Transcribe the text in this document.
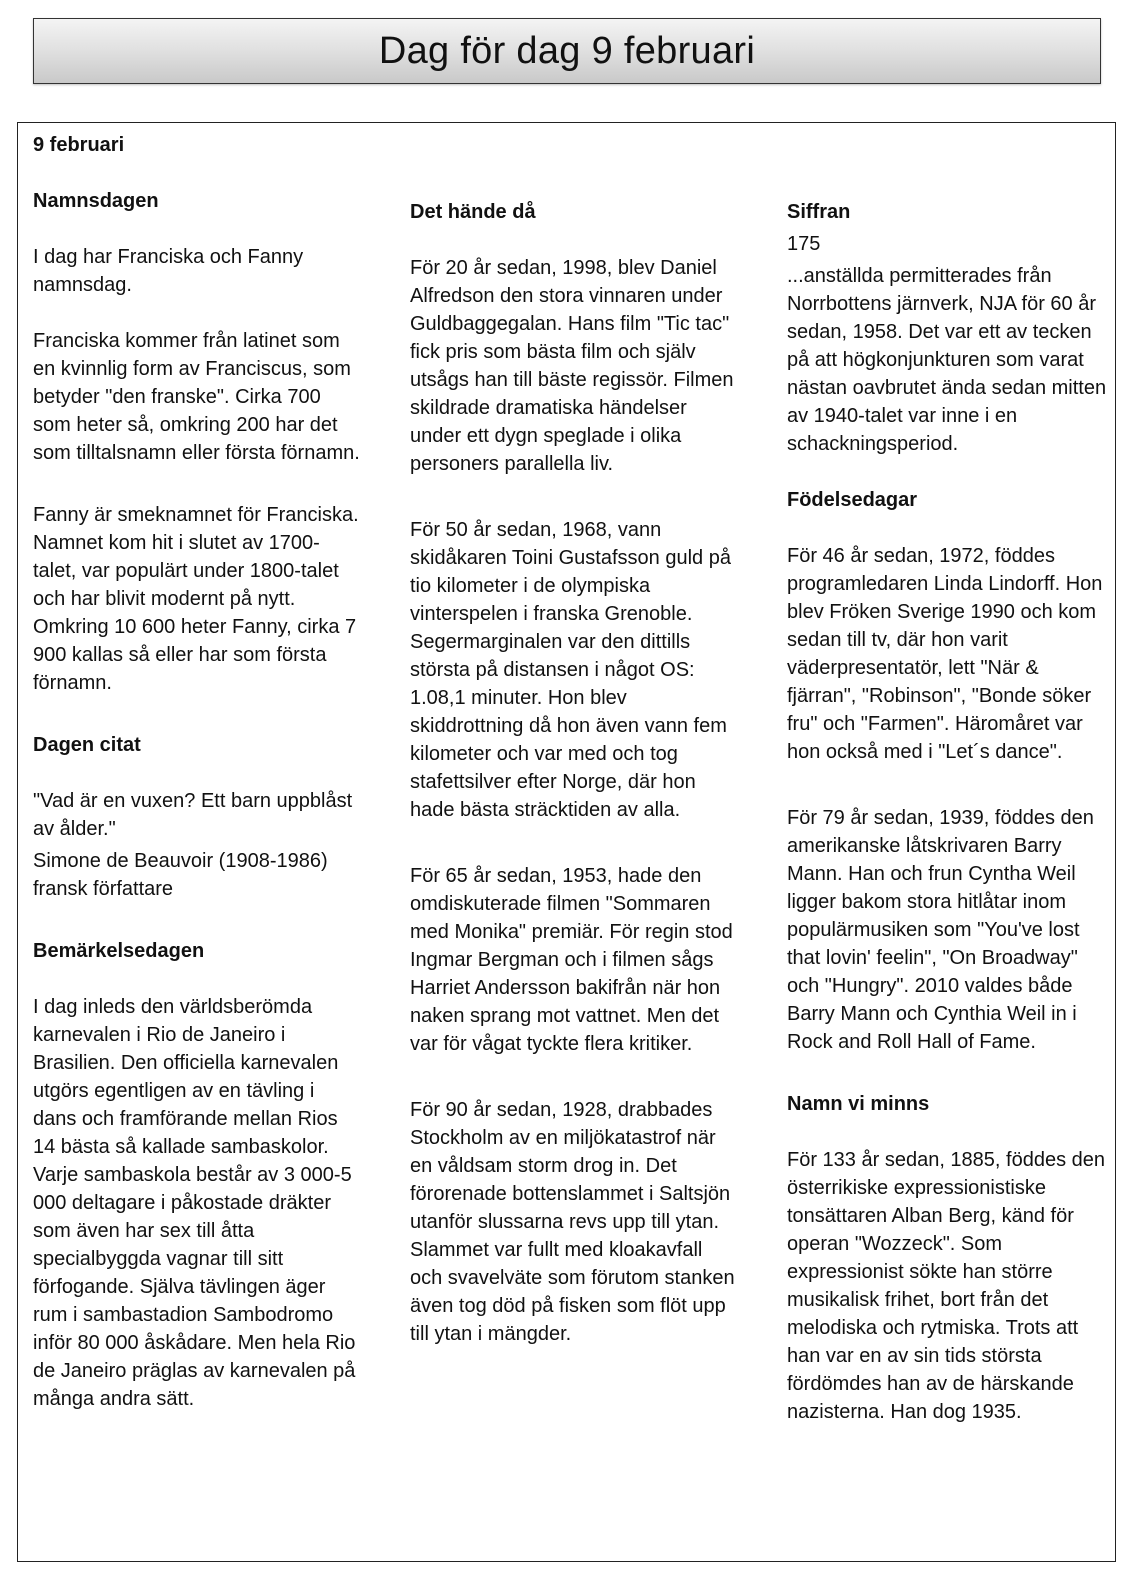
Dag för dag 9 februari

9 februari

Namnsdagen

I dag har Franciska och Fanny namnsdag.

Franciska kommer från latinet som en kvinnlig form av Franciscus, som betyder "den franske". Cirka 700 som heter så, omkring 200 har det som tilltalsnamn eller första förnamn.

Fanny är smeknamnet för Franciska. Namnet kom hit i slutet av 1700-talet, var populärt under 1800-talet och har blivit modernt på nytt. Omkring 10 600 heter Fanny, cirka 7 900 kallas så eller har som första förnamn.

Dagen citat

"Vad är en vuxen? Ett barn uppblåst av ålder."

Simone de Beauvoir (1908-1986) fransk författare

Bemärkelsedagen

I dag inleds den världsberömda karnevalen i Rio de Janeiro i Brasilien. Den officiella karnevalen utgörs egentligen av en tävling i dans och framförande mellan Rios 14 bästa så kallade sambaskolor. Varje sambaskola består av 3 000-5 000 deltagare i påkostade dräkter som även har sex till åtta specialbyggda vagnar till sitt förfogande. Själva tävlingen äger rum i sambastadion Sambodromo inför 80 000 åskådare. Men hela Rio de Janeiro präglas av karnevalen på många andra sätt.

Det hände då

För 20 år sedan, 1998, blev Daniel Alfredson den stora vinnaren under Guldbaggegalan. Hans film "Tic tac" fick pris som bästa film och själv utsågs han till bäste regissör. Filmen skildrade dramatiska händelser under ett dygn speglade i olika personers parallella liv.

För 50 år sedan, 1968, vann skidåkaren Toini Gustafsson guld på tio kilometer i de olympiska vinterspelen i franska Grenoble. Segermarginalen var den dittills största på distansen i något OS: 1.08,1 minuter. Hon blev skiddrottning då hon även vann fem kilometer och var med och tog stafettsilver efter Norge, där hon hade bästa sträcktiden av alla.

För 65 år sedan, 1953, hade den omdiskuterade filmen "Sommaren med Monika" premiär. För regin stod Ingmar Bergman och i filmen sågs Harriet Andersson bakifrån när hon naken sprang mot vattnet. Men det var för vågat tyckte flera kritiker.

För 90 år sedan, 1928, drabbades Stockholm av en miljökatastrof när en våldsam storm drog in. Det förorenade bottenslammet i Saltsjön utanför slussarna revs upp till ytan. Slammet var fullt med kloakavfall och svavelväte som förutom stanken även tog död på fisken som flöt upp till ytan i mängder.

Siffran

175

...anställda permitterades från Norrbottens järnverk, NJA för 60 år sedan, 1958. Det var ett av tecken på att högkonjunkturen som varat nästan oavbrutet ända sedan mitten av 1940-talet var inne i en schackningsperiod.

Födelsedagar

För 46 år sedan, 1972, föddes programledaren Linda Lindorff. Hon blev Fröken Sverige 1990 och kom sedan till tv, där hon varit väderpresentatör, lett "När & fjärran", "Robinson", "Bonde söker fru" och "Farmen". Häromåret var hon också med i "Let´s dance".

För 79 år sedan, 1939, föddes den amerikanske låtskrivaren Barry Mann. Han och frun Cyntha Weil ligger bakom stora hitlåtar inom populärmusiken som "You've lost that lovin' feelin", "On Broadway" och "Hungry". 2010 valdes både Barry Mann och Cynthia Weil in i Rock and Roll Hall of Fame.

Namn vi minns

För 133 år sedan, 1885, föddes den österrikiske expressionistiske tonsättaren Alban Berg, känd för operan "Wozzeck". Som expressionist sökte han större musikalisk frihet, bort från det melodiska och rytmiska. Trots att han var en av sin tids största fördömdes han av de härskande nazisterna. Han dog 1935.
